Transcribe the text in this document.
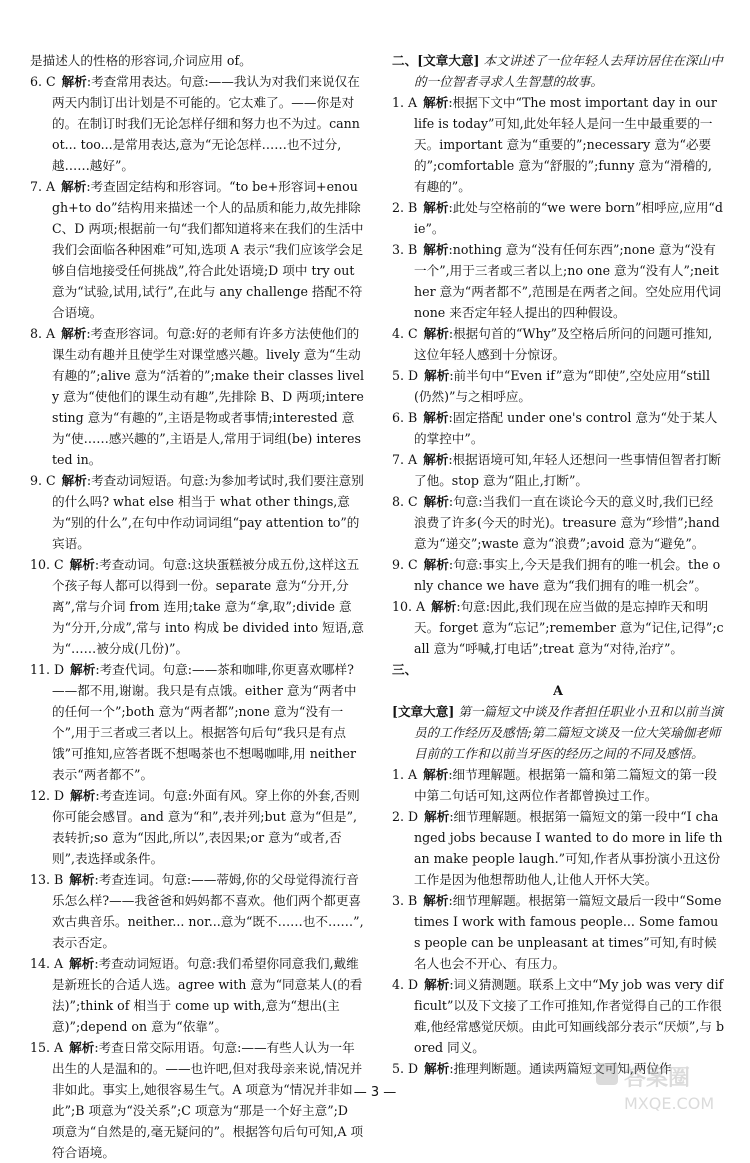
是描述人的性格的形容词,介词应用 of。

6. C 解析:考查常用表达。句意:——我认为对我们来说仅在两天内制订出计划是不可能的。它太难了。——你是对的。在制订时我们无论怎样仔细和努力也不为过。cannot... too...是常用表达,意为“无论怎样……也不过分,越……越好”。

7. A 解析:考查固定结构和形容词。“to be+形容词+enough+to do”结构用来描述一个人的品质和能力,故先排除 C、D 两项;根据前一句“我们都知道将来在我们的生活中我们会面临各种困难”可知,选项 A 表示“我们应该学会足够自信地接受任何挑战”,符合此处语境;D 项中 try out 意为“试验,试用,试行”,在此与 any challenge 搭配不符合语境。

8. A 解析:考查形容词。句意:好的老师有许多方法使他们的课生动有趣并且使学生对课堂感兴趣。lively 意为“生动有趣的”;alive 意为“活着的”;make their classes lively 意为“使他们的课生动有趣”,先排除 B、D 两项;interesting 意为“有趣的”,主语是物或者事情;interested 意为“使……感兴趣的”,主语是人,常用于词组(be) interested in。

9. C 解析:考查动词短语。句意:为参加考试时,我们要注意别的什么吗? what else 相当于 what other things,意为“别的什么”,在句中作动词词组“pay attention to”的宾语。

10. C 解析:考查动词。句意:这块蛋糕被分成五份,这样这五个孩子每人都可以得到一份。separate 意为“分开,分离”,常与介词 from 连用;take 意为“拿,取”;divide 意为“分开,分成”,常与 into 构成 be divided into 短语,意为“……被分成(几份)”。

11. D 解析:考查代词。句意:——茶和咖啡,你更喜欢哪样?——都不用,谢谢。我只是有点饿。either 意为“两者中的任何一个”;both 意为“两者都”;none 意为“没有一个”,用于三者或三者以上。根据答句后句“我只是有点饿”可推知,应答者既不想喝茶也不想喝咖啡,用 neither 表示“两者都不”。

12. D 解析:考查连词。句意:外面有风。穿上你的外套,否则你可能会感冒。and 意为“和”,表并列;but 意为“但是”,表转折;so 意为“因此,所以”,表因果;or 意为“或者,否则”,表选择或条件。

13. B 解析:考查连词。句意:——蒂姆,你的父母觉得流行音乐怎么样?——我爸爸和妈妈都不喜欢。他们两个都更喜欢古典音乐。neither... nor...意为“既不……也不……”,表示否定。

14. A 解析:考查动词短语。句意:我们希望你同意我们,戴维是新班长的合适人选。agree with 意为“同意某人(的看法)”;think of 相当于 come up with,意为“想出(主意)”;depend on 意为“依靠”。

15. A 解析:考查日常交际用语。句意:——有些人认为一年出生的人是温和的。——也许吧,但对我母亲来说,情况并非如此。事实上,她很容易生气。A 项意为“情况并非如此”;B 项意为“没关系”;C 项意为“那是一个好主意”;D 项意为“自然是的,毫无疑问的”。根据答句后句可知,A 项符合语境。

二、[文章大意] 本文讲述了一位年轻人去拜访居住在深山中的一位智者寻求人生智慧的故事。

1. A 解析:根据下文中“The most important day in our life is today”可知,此处年轻人是问一生中最重要的一天。important 意为“重要的”;necessary 意为“必要的”;comfortable 意为“舒服的”;funny 意为“滑稽的,有趣的”。

2. B 解析:此处与空格前的“we were born”相呼应,应用“die”。

3. B 解析:nothing 意为“没有任何东西”;none 意为“没有一个”,用于三者或三者以上;no one 意为“没有人”;neither 意为“两者都不”,范围是在两者之间。空处应用代词 none 来否定年轻人提出的四种假设。

4. C 解析:根据句首的“Why”及空格后所问的问题可推知,这位年轻人感到十分惊讶。

5. D 解析:前半句中“Even if”意为“即使”,空处应用“still(仍然)”与之相呼应。

6. B 解析:固定搭配 under one's control 意为“处于某人的掌控中”。

7. A 解析:根据语境可知,年轻人还想问一些事情但智者打断了他。stop 意为“阻止,打断”。

8. C 解析:句意:当我们一直在谈论今天的意义时,我们已经浪费了许多(今天的时光)。treasure 意为“珍惜”;hand 意为“递交”;waste 意为“浪费”;avoid 意为“避免”。

9. C 解析:句意:事实上,今天是我们拥有的唯一机会。the only chance we have 意为“我们拥有的唯一机会”。

10. A 解析:句意:因此,我们现在应当做的是忘掉昨天和明天。forget 意为“忘记”;remember 意为“记住,记得”;call 意为“呼喊,打电话”;treat 意为“对待,治疗”。

三、

A

[文章大意] 第一篇短文中谈及作者担任职业小丑和以前当演员的工作经历及感悟;第二篇短文谈及一位大笑瑜伽老师目前的工作和以前当牙医的经历之间的不同及感悟。

1. A 解析:细节理解题。根据第一篇和第二篇短文的第一段中第二句话可知,这两位作者都曾换过工作。

2. D 解析:细节理解题。根据第一篇短文的第一段中“I changed jobs because I wanted to do more in life than make people laugh.”可知,作者从事扮演小丑这份工作是因为他想帮助他人,让他人开怀大笑。

3. B 解析:细节理解题。根据第一篇短文最后一段中“Sometimes I work with famous people... Some famous people can be unpleasant at times”可知,有时候名人也会不开心、有压力。

4. D 解析:词义猜测题。联系上文中“My job was very difficult”以及下文接了工作可推知,作者觉得自己的工作很难,他经常感觉厌烦。由此可知画线部分表示“厌烦”,与 bored 同义。

5. D 解析:推理判断题。通读两篇短文可知,两位作

— 3 —
答案圈
MXQE.COM
